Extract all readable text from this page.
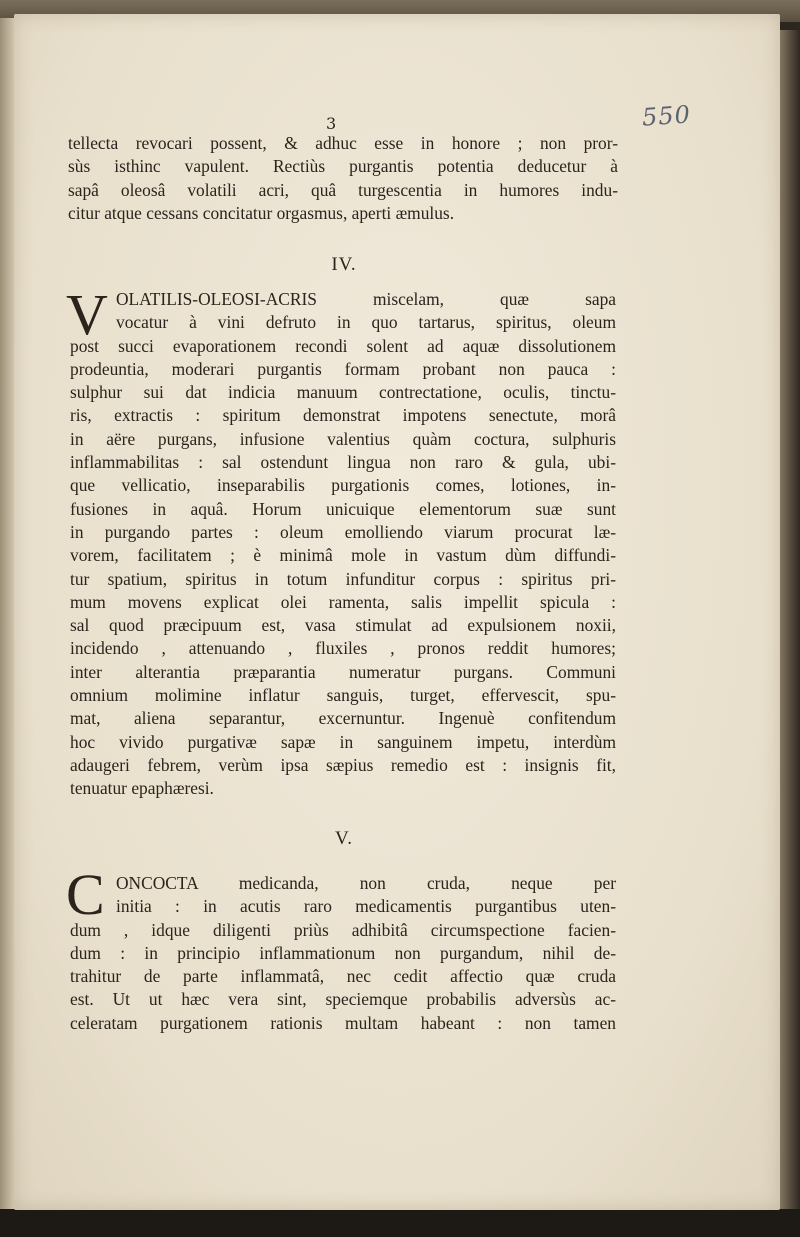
550
3
tellecta revocari possent, & adhuc esse in honore ; non pror-
sùs isthinc vapulent. Rectiùs purgantis potentia deducetur à
sapâ oleosâ volatili acri, quâ turgescentia in humores indu-
citur atque cessans concitatur orgasmus, aperti æmulus.
IV.
V OLATILIS-OLEOSI-ACRIS miscelam, quæ sapa
vocatur à vini defruto in quo tartarus, spiritus, oleum
post succi evaporationem recondi solent ad aquæ dissolutionem
prodeuntia, moderari purgantis formam probant non pauca :
sulphur sui dat indicia manuum contrectatione, oculis, tinctu-
ris, extractis : spiritum demonstrat impotens senectute, morâ
in aëre purgans, infusione valentius quàm coctura, sulphuris
inflammabilitas : sal ostendunt lingua non raro & gula, ubi-
que vellicatio, inseparabilis purgationis comes, lotiones, in-
fusiones in aquâ. Horum unicuique elementorum suæ sunt
in purgando partes : oleum emolliendo viarum procurat læ-
vorem, facilitatem ; è minimâ mole in vastum dùm diffundi-
tur spatium, spiritus in totum infunditur corpus : spiritus pri-
mum movens explicat olei ramenta, salis impellit spicula :
sal quod præcipuum est, vasa stimulat ad expulsionem noxii,
incidendo , attenuando , fluxiles , pronos reddit humores;
inter alterantia præparantia numeratur purgans. Communi
omnium molimine inflatur sanguis, turget, effervescit, spu-
mat, aliena separantur, excernuntur. Ingenuè confitendum
hoc vivido purgativæ sapæ in sanguinem impetu, interdùm
adaugeri febrem, verùm ipsa sæpius remedio est : insignis fit,
tenuatur epaphæresi.
V.
C ONCOCTA medicanda, non cruda, neque per
initia : in acutis raro medicamentis purgantibus uten-
dum , idque diligenti priùs adhibitâ circumspectione facien-
dum : in principio inflammationum non purgandum, nihil de-
trahitur de parte inflammatâ, nec cedit affectio quæ cruda
est. Ut ut hæc vera sint, speciemque probabilis adversùs ac-
celeratam purgationem rationis multam habeant : non tamen
